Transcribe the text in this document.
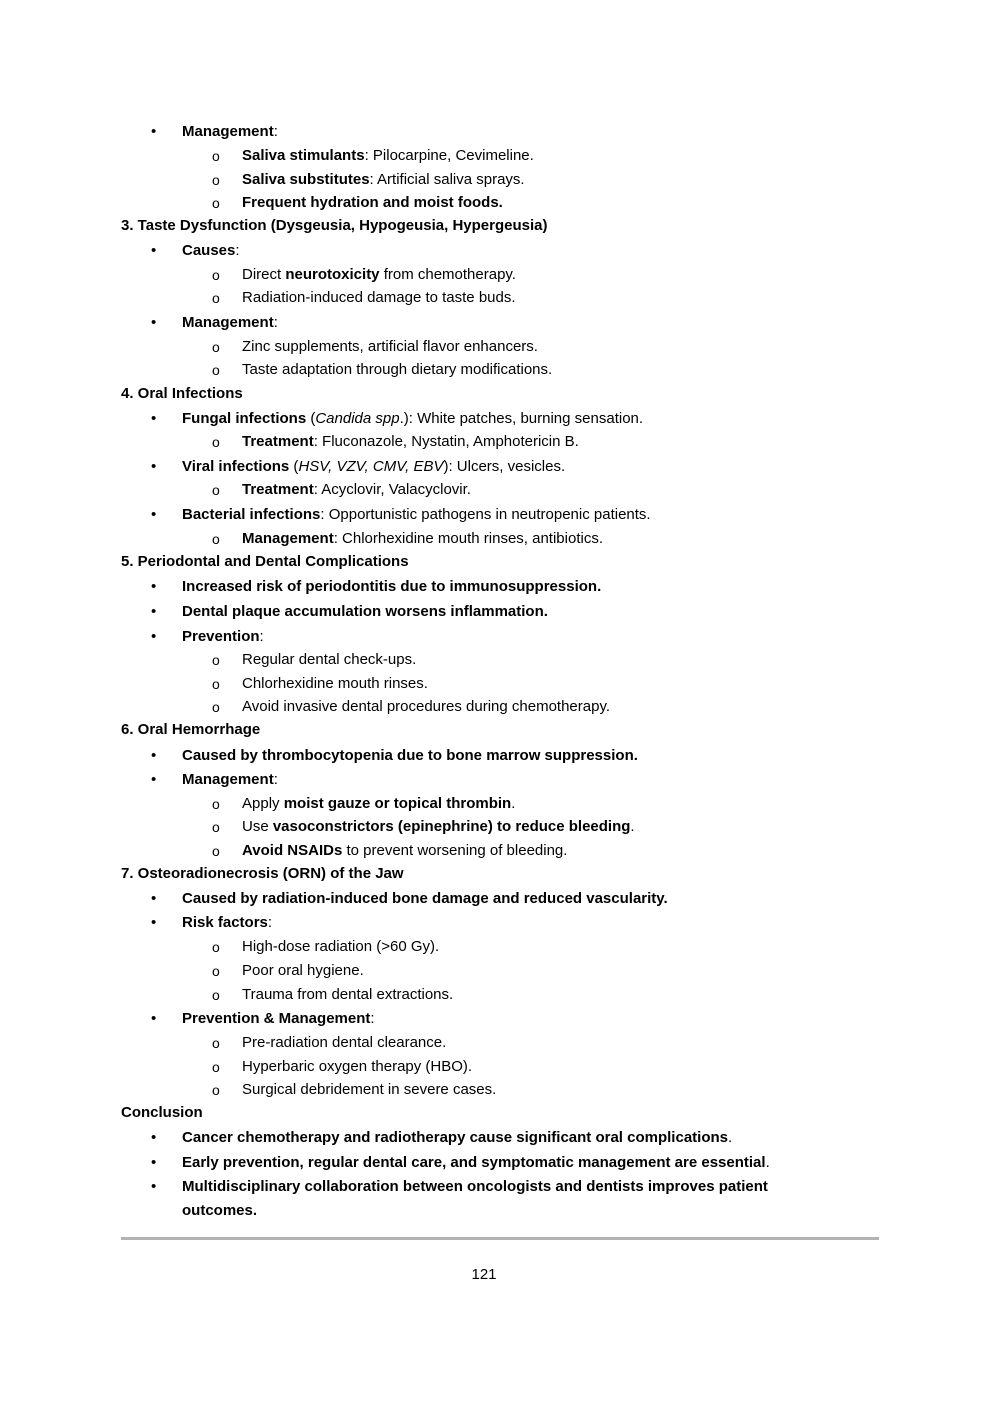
• Management:
o Saliva stimulants: Pilocarpine, Cevimeline.
o Saliva substitutes: Artificial saliva sprays.
o Frequent hydration and moist foods.
3. Taste Dysfunction (Dysgeusia, Hypogeusia, Hypergeusia)
• Causes:
o Direct neurotoxicity from chemotherapy.
o Radiation-induced damage to taste buds.
• Management:
o Zinc supplements, artificial flavor enhancers.
o Taste adaptation through dietary modifications.
4. Oral Infections
• Fungal infections (Candida spp.): White patches, burning sensation.
o Treatment: Fluconazole, Nystatin, Amphotericin B.
• Viral infections (HSV, VZV, CMV, EBV): Ulcers, vesicles.
o Treatment: Acyclovir, Valacyclovir.
• Bacterial infections: Opportunistic pathogens in neutropenic patients.
o Management: Chlorhexidine mouth rinses, antibiotics.
5. Periodontal and Dental Complications
• Increased risk of periodontitis due to immunosuppression.
• Dental plaque accumulation worsens inflammation.
• Prevention:
o Regular dental check-ups.
o Chlorhexidine mouth rinses.
o Avoid invasive dental procedures during chemotherapy.
6. Oral Hemorrhage
• Caused by thrombocytopenia due to bone marrow suppression.
• Management:
o Apply moist gauze or topical thrombin.
o Use vasoconstrictors (epinephrine) to reduce bleeding.
o Avoid NSAIDs to prevent worsening of bleeding.
7. Osteoradionecrosis (ORN) of the Jaw
• Caused by radiation-induced bone damage and reduced vascularity.
• Risk factors:
o High-dose radiation (>60 Gy).
o Poor oral hygiene.
o Trauma from dental extractions.
• Prevention & Management:
o Pre-radiation dental clearance.
o Hyperbaric oxygen therapy (HBO).
o Surgical debridement in severe cases.
Conclusion
• Cancer chemotherapy and radiotherapy cause significant oral complications.
• Early prevention, regular dental care, and symptomatic management are essential.
• Multidisciplinary collaboration between oncologists and dentists improves patient
outcomes.
121
